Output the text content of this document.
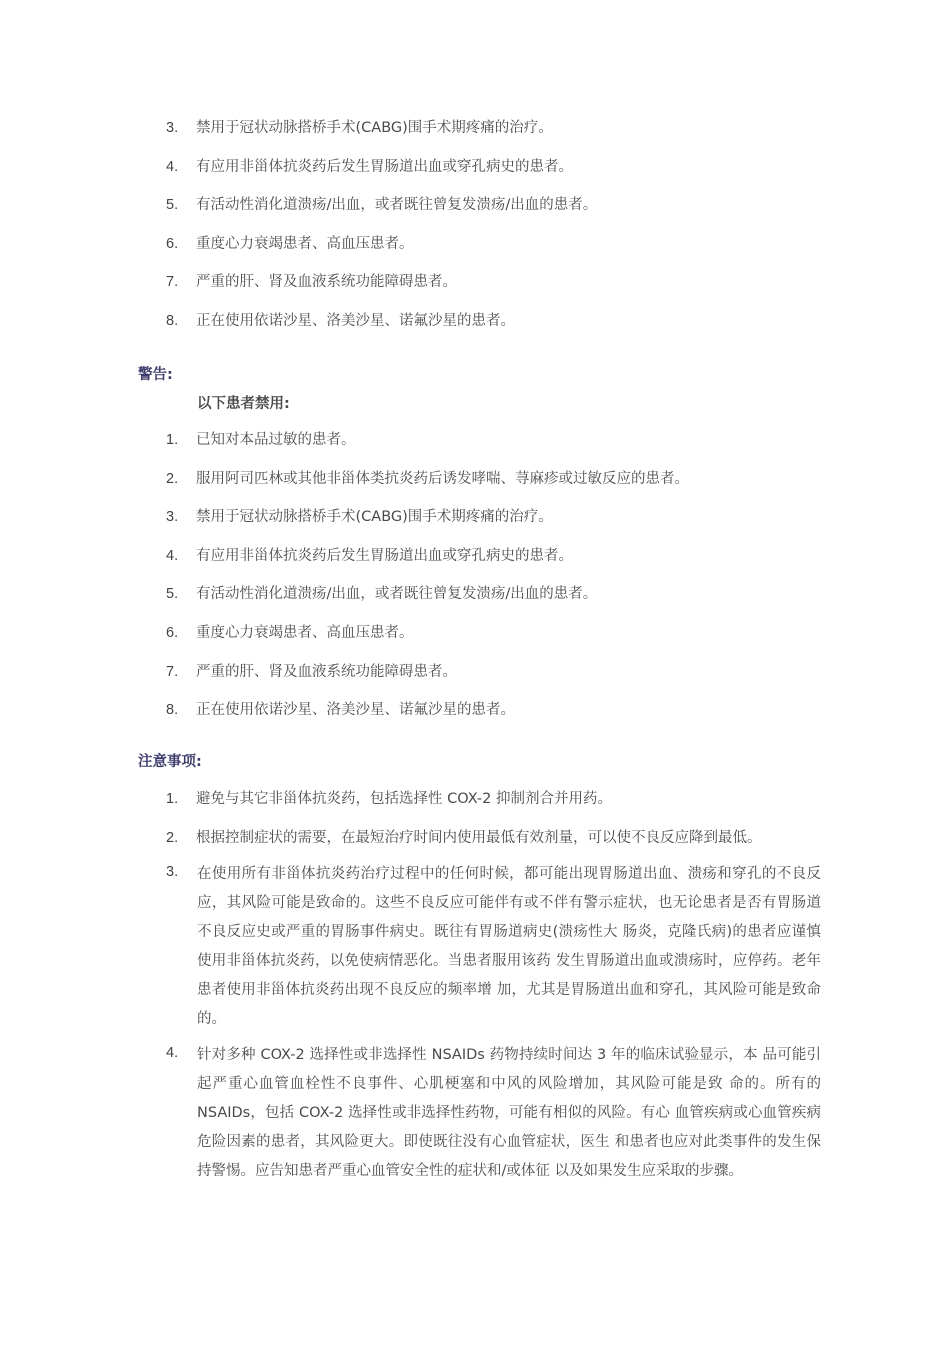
3.	禁用于冠状动脉搭桥手术(CABG)围手术期疼痛的治疗。
4.	有应用非甾体抗炎药后发生胃肠道出血或穿孔病史的患者。
5.	有活动性消化道溃疡/出血，或者既往曾复发溃疡/出血的患者。
6.	重度心力衰竭患者、高血压患者。
7.	严重的肝、肾及血液系统功能障碍患者。
8.	正在使用依诺沙星、洛美沙星、诺氟沙星的患者。
警告:
以下患者禁用:
1.	已知对本品过敏的患者。
2.	服用阿司匹林或其他非甾体类抗炎药后诱发哮喘、荨麻疹或过敏反应的患者。
3.	禁用于冠状动脉搭桥手术(CABG)围手术期疼痛的治疗。
4.	有应用非甾体抗炎药后发生胃肠道出血或穿孔病史的患者。
5.	有活动性消化道溃疡/出血，或者既往曾复发溃疡/出血的患者。
6.	重度心力衰竭患者、高血压患者。
7.	严重的肝、肾及血液系统功能障碍患者。
8.	正在使用依诺沙星、洛美沙星、诺氟沙星的患者。
注意事项:
1.	避免与其它非甾体抗炎药，包括选择性 COX-2 抑制剂合并用药。
2.	根据控制症状的需要，在最短治疗时间内使用最低有效剂量，可以使不良反应降到最低。
3. 在使用所有非甾体抗炎药治疗过程中的任何时候，都可能出现胃肠道出血、溃疡和穿孔的不良反应，其风险可能是致命的。这些不良反应可能伴有或不伴有警示症状，也无论患者是否有胃肠道 不良反应史或严重的胃肠事件病史。既往有胃肠道病史(溃疡性大 肠炎，克隆氏病)的患者应谨慎使用非甾体抗炎药，以免使病情恶化。当患者服用该药 发生胃肠道出血或溃疡时，应停药。老年患者使用非甾体抗炎药出现不良反应的频率增 加，尤其是胃肠道出血和穿孔，其风险可能是致命的。

4. 针对多种 COX-2 选择性或非选择性 NSAIDs 药物持续时间达 3 年的临床试验显示，本 品可能引起严重心血管血栓性不良事件、心肌梗塞和中风的风险增加，其风险可能是致 命的。所有的 NSAIDs，包括 COX-2 选择性或非选择性药物，可能有相似的风险。有心 血管疾病或心血管疾病危险因素的患者，其风险更大。即使既往没有心血管症状，医生 和患者也应对此类事件的发生保持警惕。应告知患者严重心血管安全性的症状和/或体征 以及如果发生应采取的步骤。
